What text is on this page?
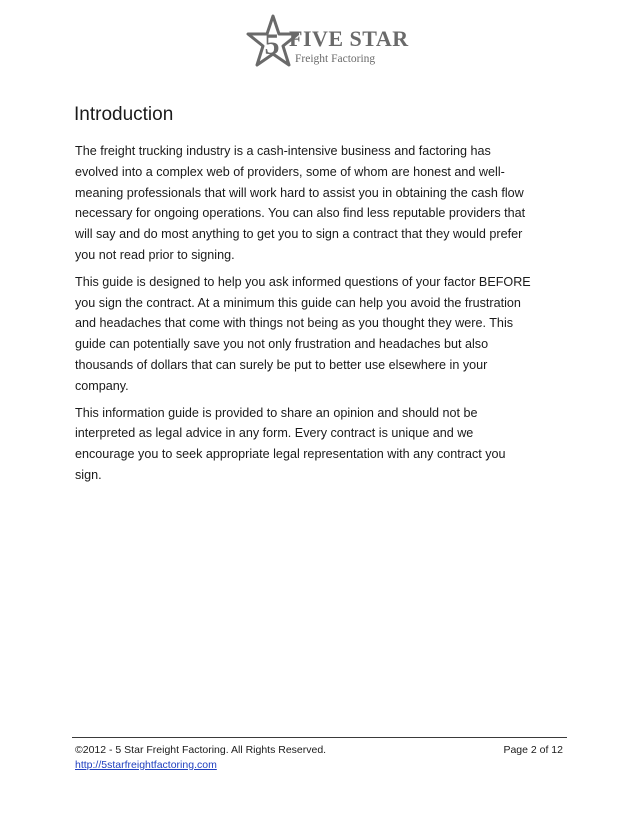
5 FIVE STAR
Freight Factoring
Introduction

The freight trucking industry is a cash-intensive business and factoring has
evolved into a complex web of providers, some of whom are honest and well-
meaning professionals that will work hard to assist you in obtaining the cash flow
necessary for ongoing operations. You can also find less reputable providers that
will say and do most anything to get you to sign a contract that they would prefer
you not read prior to signing.

This guide is designed to help you ask informed questions of your factor BEFORE
you sign the contract. At a minimum this guide can help you avoid the frustration
and headaches that come with things not being as you thought they were. This
guide can potentially save you not only frustration and headaches but also
thousands of dollars that can surely be put to better use elsewhere in your
company.

This information guide is provided to share an opinion and should not be
interpreted as legal advice in any form. Every contract is unique and we
encourage you to seek appropriate legal representation with any contract you
sign.

©2012 - 5 Star Freight Factoring. All Rights Reserved.	Page 2 of 12
http://5starfreightfactoring.com
